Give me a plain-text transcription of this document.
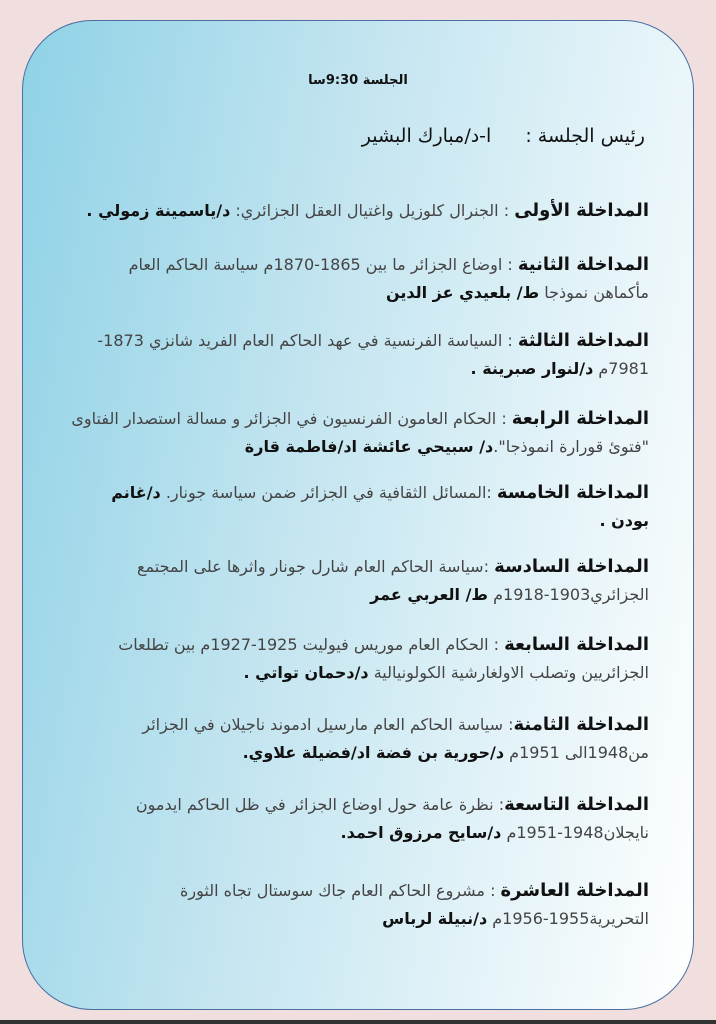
الجلسة 9:30سا
رئيس الجلسة :ا-د/مبارك البشير
المداخلة الأولى : الجنرال كلوزيل واغتيال العقل الجزائري: د/ياسمينة زمولي .
المداخلة الثانية : اوضاع الجزائر ما بين 1865-1870م سياسة الحاكم العام مأكماهن نموذجا ط/ بلعيدي عز الدين
المداخلة الثالثة : السياسة الفرنسية في عهد الحاكم العام الفريد شانزي 1873-7981م د/لنوار صبرينة .
المداخلة الرابعة : الحكام العامون الفرنسيون في الجزائر و مسالة استصدار الفتاوى "فتوئ قورارة انموذجا".د/ سبيحي عائشة اد/فاطمة قارة
المداخلة الخامسة :المسائل الثقافية في الجزائر ضمن سياسة جونار. د/غانم بودن .
المداخلة السادسة :سياسة الحاكم العام شارل جونار واثرها على المجتمع الجزائري1903-1918م ط/ العربي عمر
المداخلة السابعة : الحكام العام موريس فيوليت 1925-1927م بين تطلعات الجزائريين وتصلب الاولغارشية الكولونيالية د/دحمان تواتي .
المداخلة الثامنة: سياسة الحاكم العام مارسيل ادموند ناجيلان في الجزائر من1948الى 1951م د/حورية بن فضة اد/فضيلة علاوي.
المداخلة التاسعة: نظرة عامة حول اوضاع الجزائر في ظل الحاكم ايدمون نايجلان1948-1951م د/سايح مرزوق احمد.
المداخلة العاشرة : مشروع الحاكم العام جاك سوستال تجاه الثورة التحريرية1955-1956م د/نبيلة لرباس
